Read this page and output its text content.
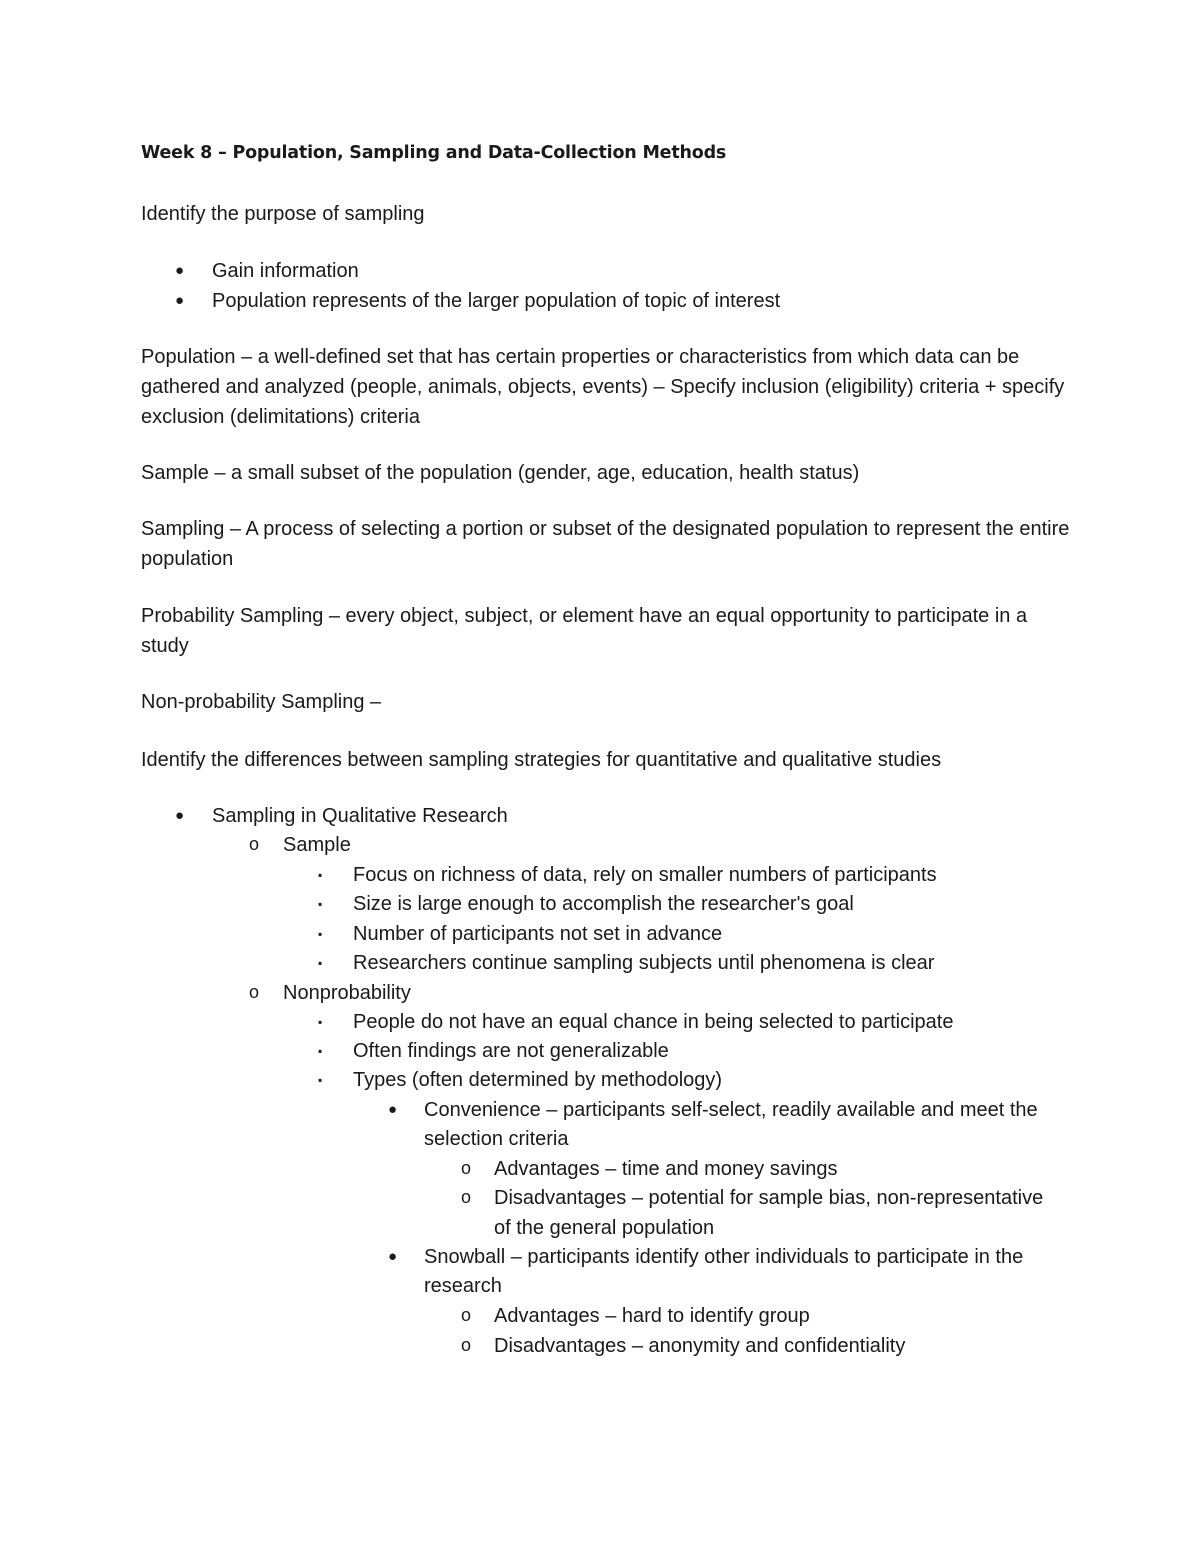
Week 8 – Population, Sampling and Data-Collection Methods
Identify the purpose of sampling
● Gain information
● Population represents of the larger population of topic of interest
Population – a well-defined set that has certain properties or characteristics from which data can be gathered and analyzed (people, animals, objects, events) – Specify inclusion (eligibility) criteria + specify exclusion (delimitations) criteria
Sample – a small subset of the population (gender, age, education, health status)
Sampling – A process of selecting a portion or subset of the designated population to represent the entire population
Probability Sampling – every object, subject, or element have an equal opportunity to participate in a study
Non-probability Sampling –
Identify the differences between sampling strategies for quantitative and qualitative studies
● Sampling in Qualitative Research
o Sample
▪ Focus on richness of data, rely on smaller numbers of participants
▪ Size is large enough to accomplish the researcher's goal
▪ Number of participants not set in advance
▪ Researchers continue sampling subjects until phenomena is clear
o Nonprobability
▪ People do not have an equal chance in being selected to participate
▪ Often findings are not generalizable
▪ Types (often determined by methodology)
● Convenience – participants self-select, readily available and meet the
selection criteria
o Advantages – time and money savings
o Disadvantages – potential for sample bias, non-representative
of the general population
● Snowball – participants identify other individuals to participate in the
research
o Advantages – hard to identify group
o Disadvantages – anonymity and confidentiality
